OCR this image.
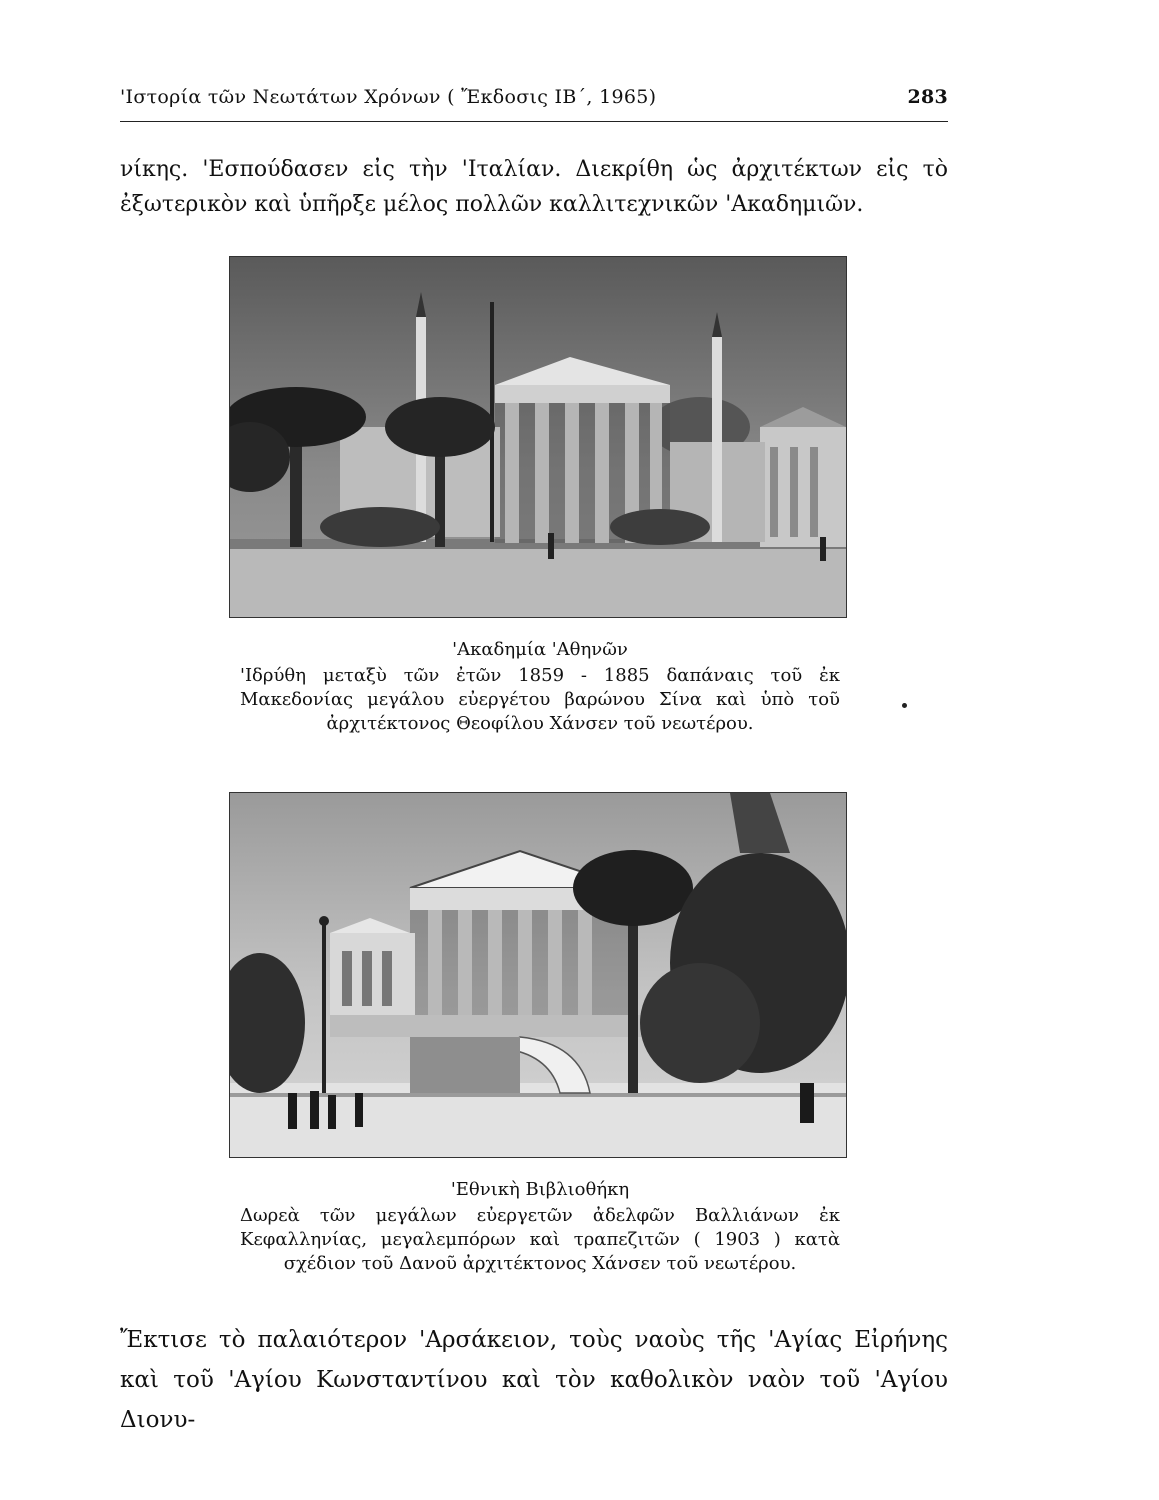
'Ιστορία τῶν Νεωτάτων Χρόνων ( Ἔκδοσις ΙΒ΄, 1965)	283
νίκης. 'Εσπούδασεν εἰς τὴν 'Ιταλίαν. Διεκρίθη ὡς ἀρχιτέκτων εἰς τὸ ἐξωτερικὸν καὶ ὑπῆρξε μέλος πολλῶν καλλιτεχνικῶν 'Ακαδημιῶν.
'Ακαδημία 'Αθηνῶν
'Ιδρύθη μεταξὺ τῶν ἐτῶν 1859 - 1885 δαπάναις τοῦ ἐκ Μακεδονίας μεγάλου εὐεργέτου βαρώνου Σίνα καὶ ὑπὸ τοῦ ἀρχιτέκτονος Θεοφίλου Χάνσεν τοῦ νεωτέρου.
'Εθνικὴ Βιβλιοθήκη
Δωρεὰ τῶν μεγάλων εὐεργετῶν ἀδελφῶν Βαλλιάνων ἐκ Κεφαλληνίας, μεγαλεμπόρων καὶ τραπεζιτῶν ( 1903 ) κατὰ σχέδιον τοῦ Δανοῦ ἀρχιτέκτονος Χάνσεν τοῦ νεωτέρου.
Ἔκτισε τὸ παλαιότερον 'Αρσάκειον, τοὺς ναοὺς τῆς 'Αγίας Εἰρήνης καὶ τοῦ 'Αγίου Κωνσταντίνου καὶ τὸν καθολικὸν ναὸν τοῦ 'Αγίου Διονυ-
